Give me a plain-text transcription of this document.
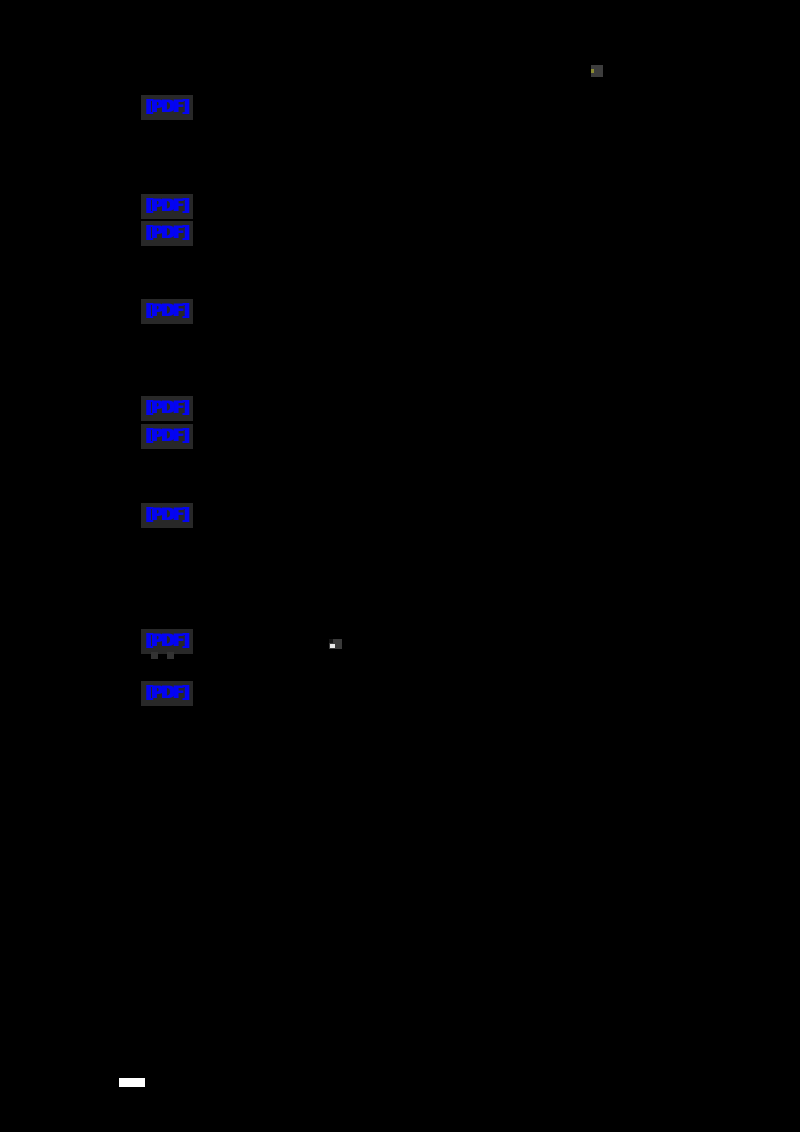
[PDF]
[PDF]
[PDF]
[PDF]
[PDF]
[PDF]
[PDF]
[PDF]
[PDF]
